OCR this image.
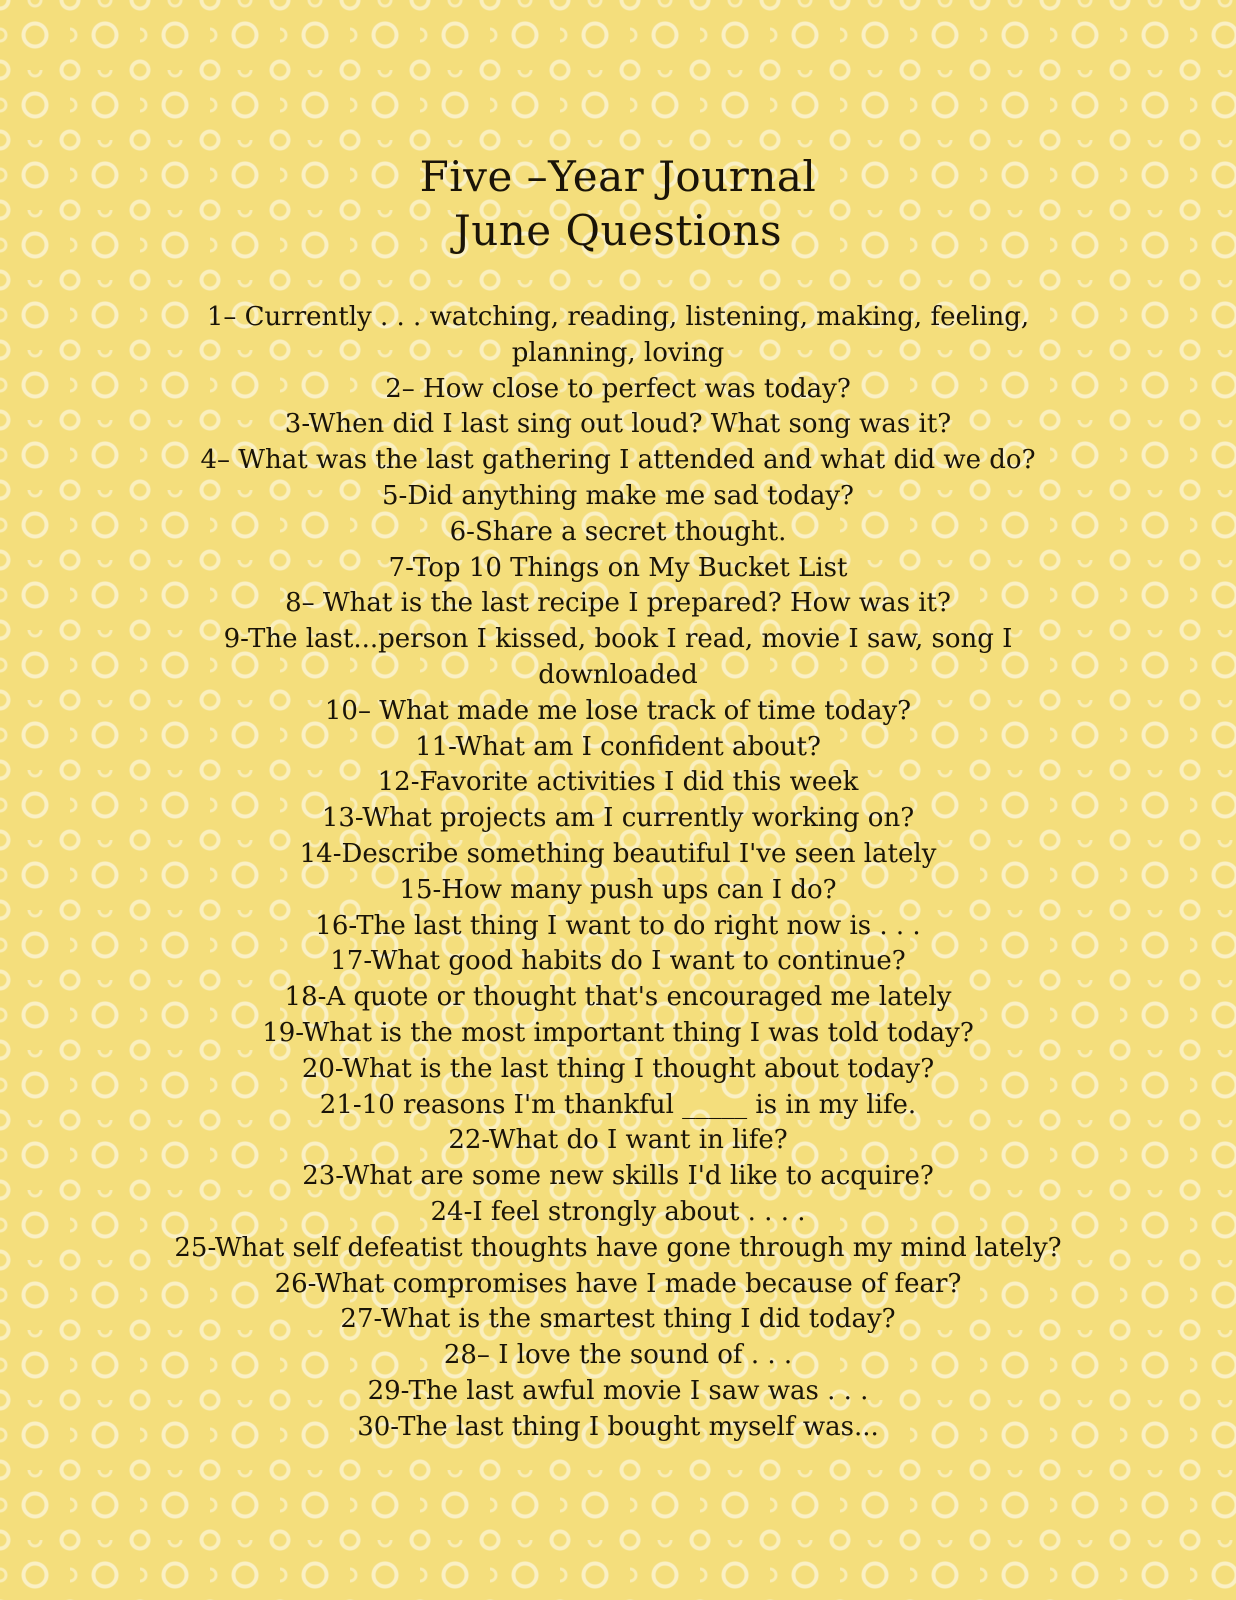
Five –Year Journal
June Questions
1– Currently . . . watching, reading, listening, making, feeling, planning, loving
2– How close to perfect was today?
3-When did I last sing out loud? What song was it?
4– What was the last gathering I attended and what did we do?
5-Did anything make me sad today?
6-Share a secret thought.
7-Top 10 Things on My Bucket List
8– What is the last recipe I prepared? How was it?
9-The last...person I kissed, book I read, movie I saw, song I downloaded
10– What made me lose track of time today?
11-What am I confident about?
12-Favorite activities I did this week
13-What projects am I currently working on?
14-Describe something beautiful I've seen lately
15-How many push ups can I do?
16-The last thing I want to do right now is . . .
17-What good habits do I want to continue?
18-A quote or thought that's encouraged me lately
19-What is the most important thing I was told today?
20-What is the last thing I thought about today?
21-10 reasons I'm thankful _____ is in my life.
22-What do I want in life?
23-What are some new skills I'd like to acquire?
24-I feel strongly about . . . .
25-What self defeatist thoughts have gone through my mind lately?
26-What compromises have I made because of fear?
27-What is the smartest thing I did today?
28– I love the sound of . . .
29-The last awful movie I saw was . . .
30-The last thing I bought myself was...
